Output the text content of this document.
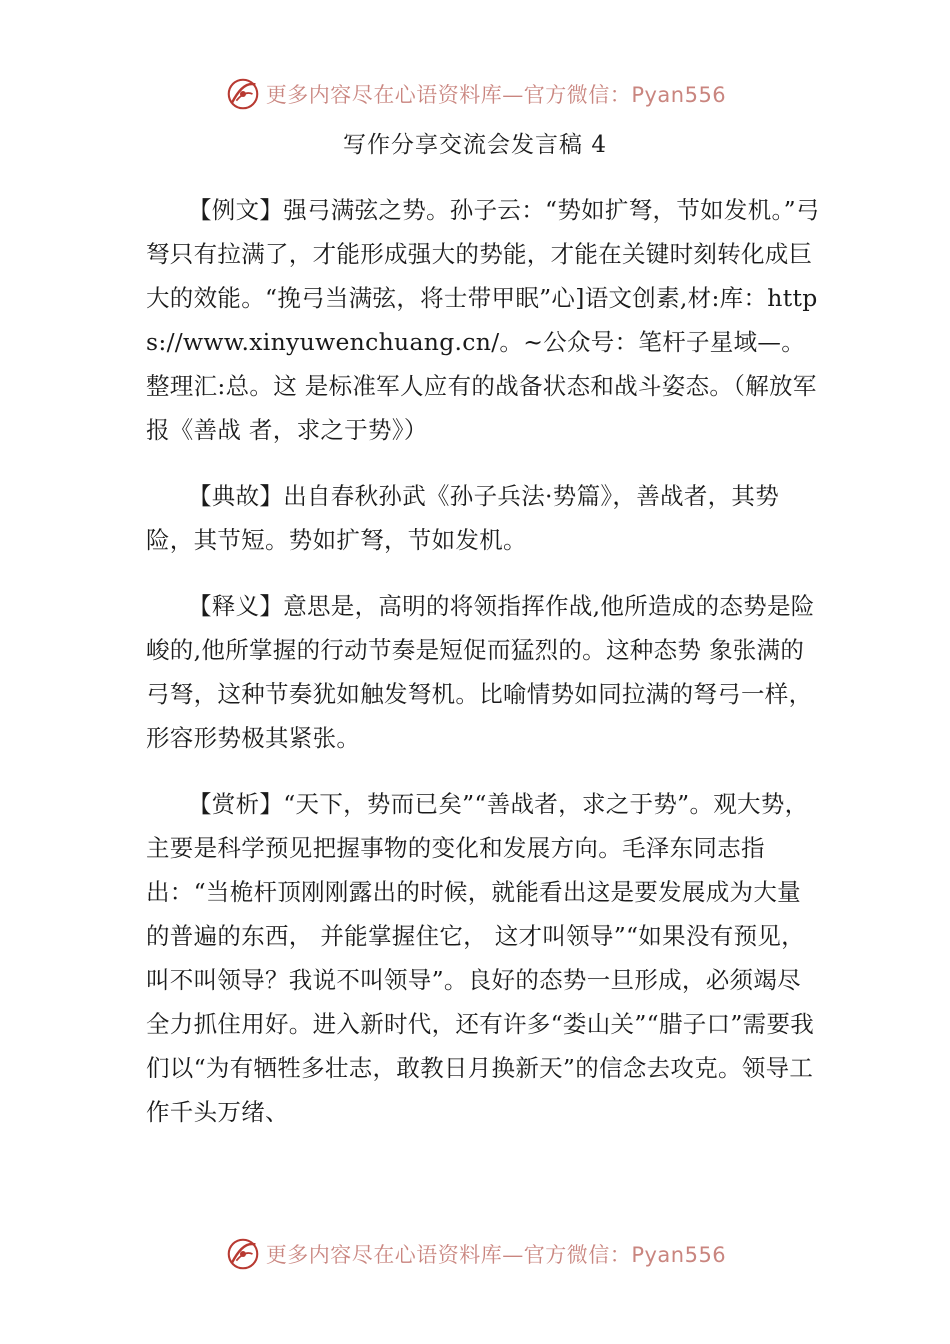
更多内容尽在心语资料库—官方微信：Pyan556
写作分享交流会发言稿 4

【例文】强弓满弦之势。孙子云：“势如扩弩，节如发机。”弓弩只有拉满了，才能形成强大的势能，才能在关键时刻转化成巨大的效能。“挽弓当满弦，将士带甲眠”心]语文创素,材:库：https://www.xinyuwenchuang.cn/。~公众号：笔杆子星域—。整理汇:总。这 是标准军人应有的战备状态和战斗姿态。（解放军报《善战 者，求之于势》）

【典故】出自春秋孙武《孙子兵法·势篇》，善战者，其势险，其节短。势如扩弩，节如发机。

【释义】意思是，高明的将领指挥作战,他所造成的态势是险峻的,他所掌握的行动节奏是短促而猛烈的。这种态势 象张满的弓弩，这种节奏犹如触发弩机。比喻情势如同拉满的弩弓一样，形容形势极其紧张。

【赏析】“天下，势而已矣”“善战者，求之于势”。观大势，主要是科学预见把握事物的变化和发展方向。毛泽东同志指出：“当桅杆顶刚刚露出的时候，就能看出这是要发展成为大量的普遍的东西， 并能掌握住它， 这才叫领导”“如果没有预见，叫不叫领导？我说不叫领导”。良好的态势一旦形成，必须竭尽全力抓住用好。进入新时代，还有许多“娄山关”“腊子口”需要我们以“为有牺牲多壮志，敢教日月换新天”的信念去攻克。领导工作千头万绪、

更多内容尽在心语资料库—官方微信：Pyan556
